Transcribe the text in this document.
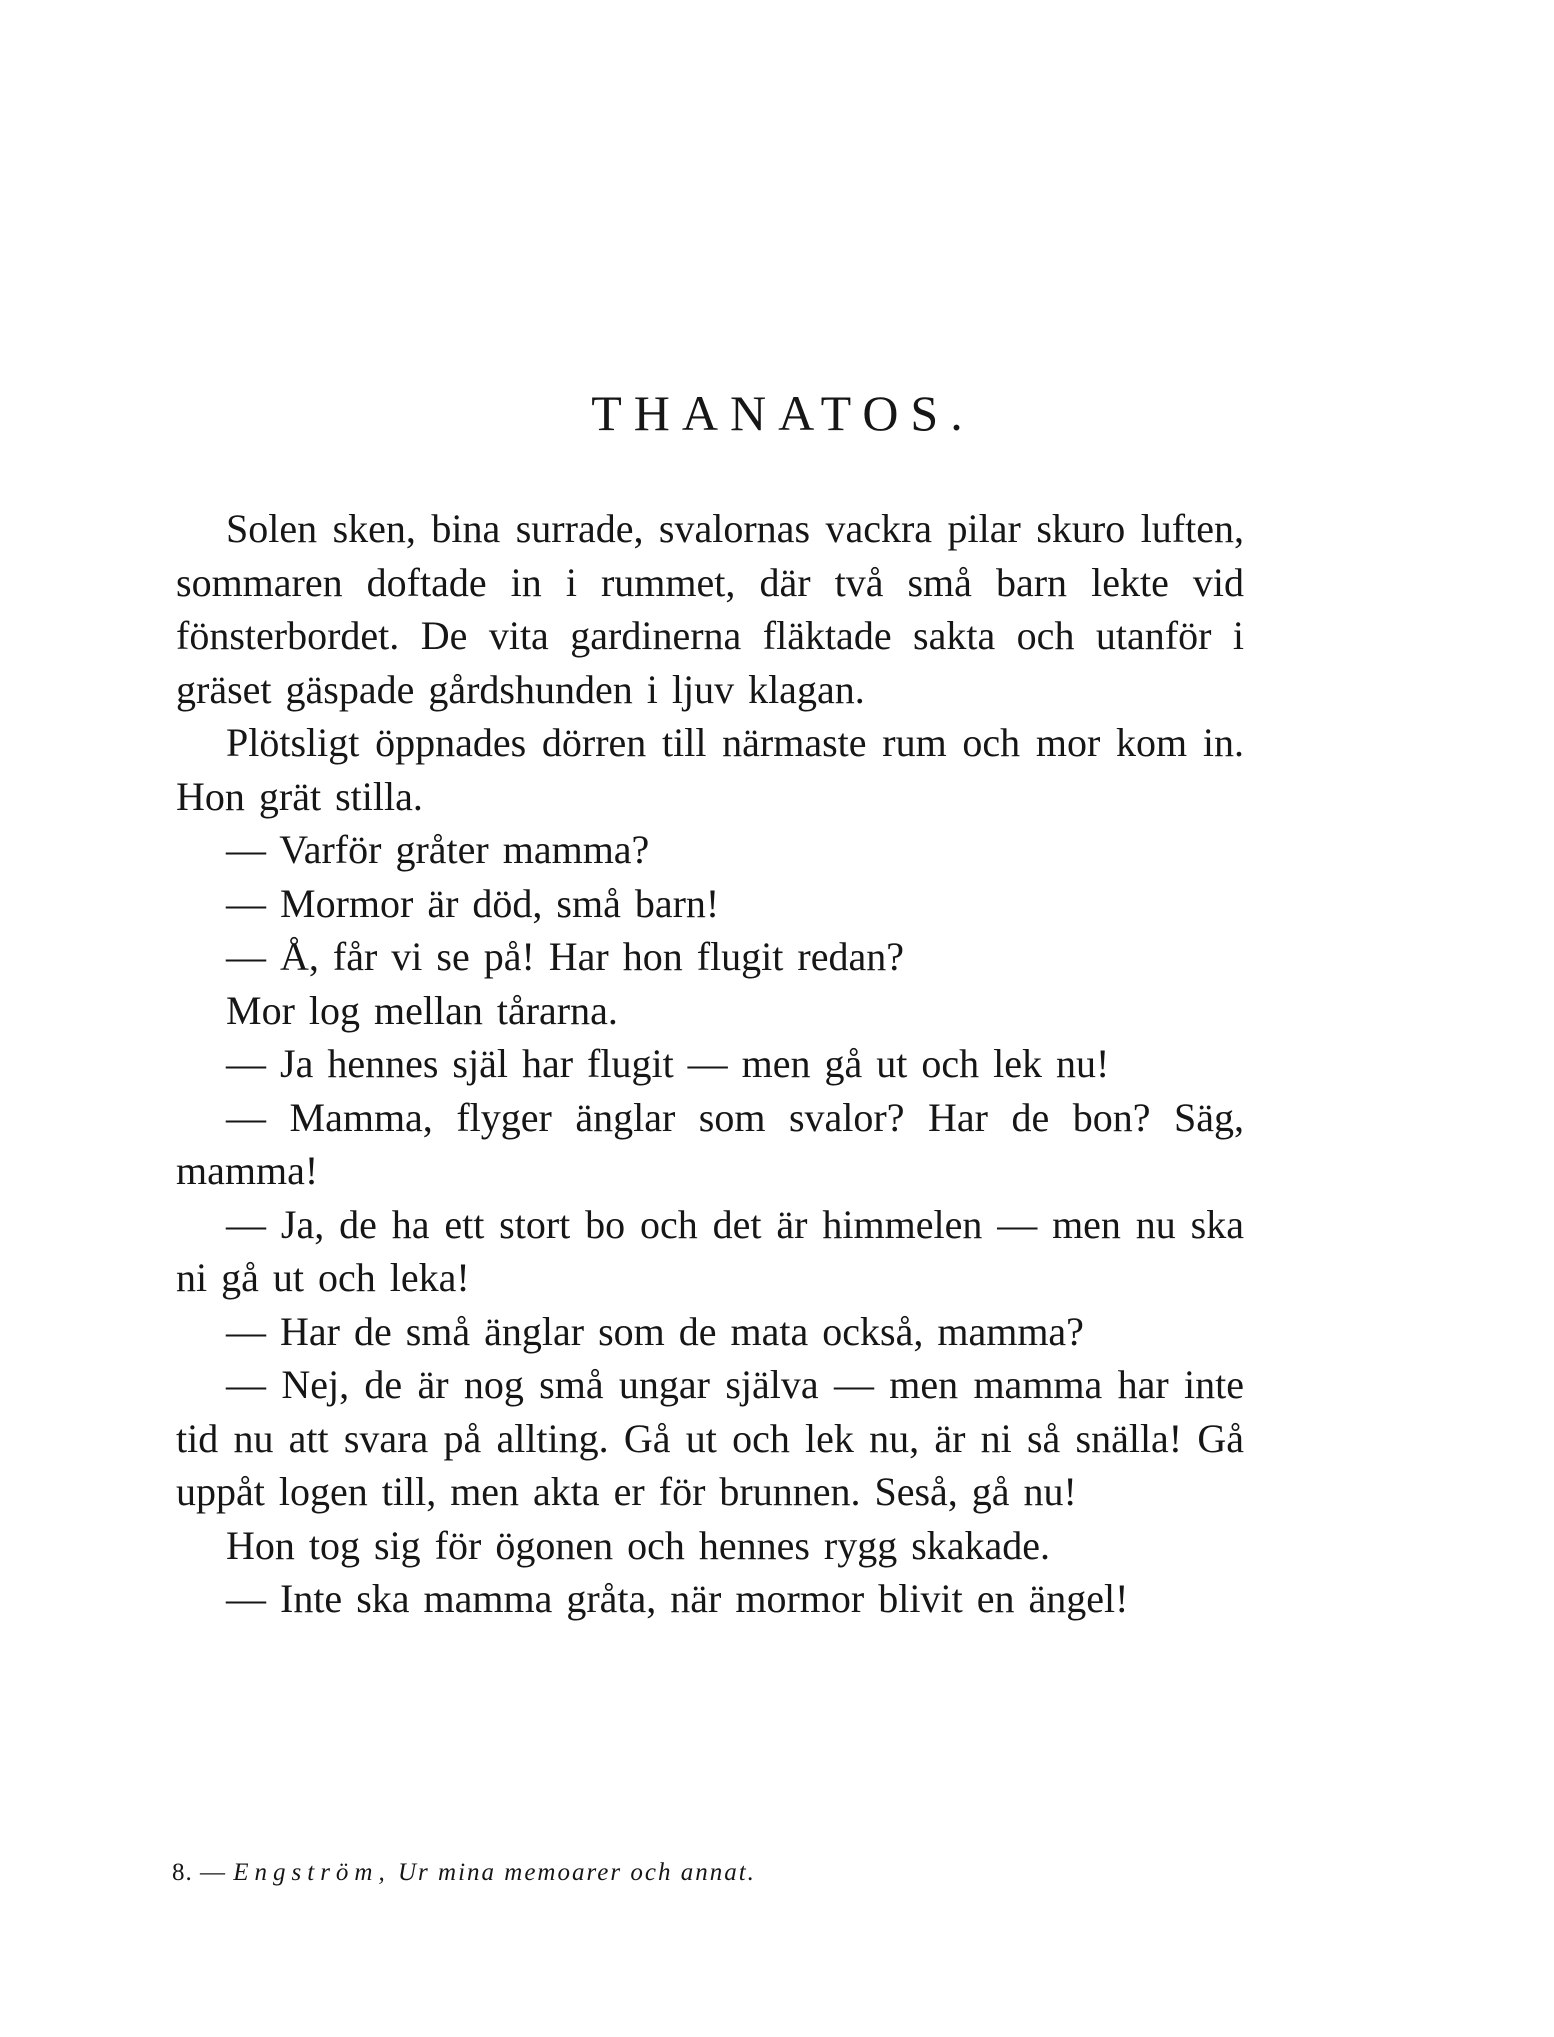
THANATOS.

Solen sken, bina surrade, svalornas vackra pilar skuro luften, sommaren doftade in i rummet, där två små barn lekte vid fönsterbordet. De vita gardinerna fläktade sakta och utanför i gräset gäspade gårdshunden i ljuv klagan.

Plötsligt öppnades dörren till närmaste rum och mor kom in. Hon grät stilla.

— Varför gråter mamma?

— Mormor är död, små barn!

— Å, får vi se på! Har hon flugit redan?

Mor log mellan tårarna.

— Ja hennes själ har flugit — men gå ut och lek nu!

— Mamma, flyger änglar som svalor? Har de bon? Säg, mamma!

— Ja, de ha ett stort bo och det är himmelen — men nu ska ni gå ut och leka!

— Har de små änglar som de mata också, mamma?

— Nej, de är nog små ungar själva — men mamma har inte tid nu att svara på allting. Gå ut och lek nu, är ni så snälla! Gå uppåt logen till, men akta er för brunnen. Seså, gå nu!

Hon tog sig för ögonen och hennes rygg skakade.

— Inte ska mamma gråta, när mormor blivit en ängel!

8. — Engström, Ur mina memoarer och annat.
